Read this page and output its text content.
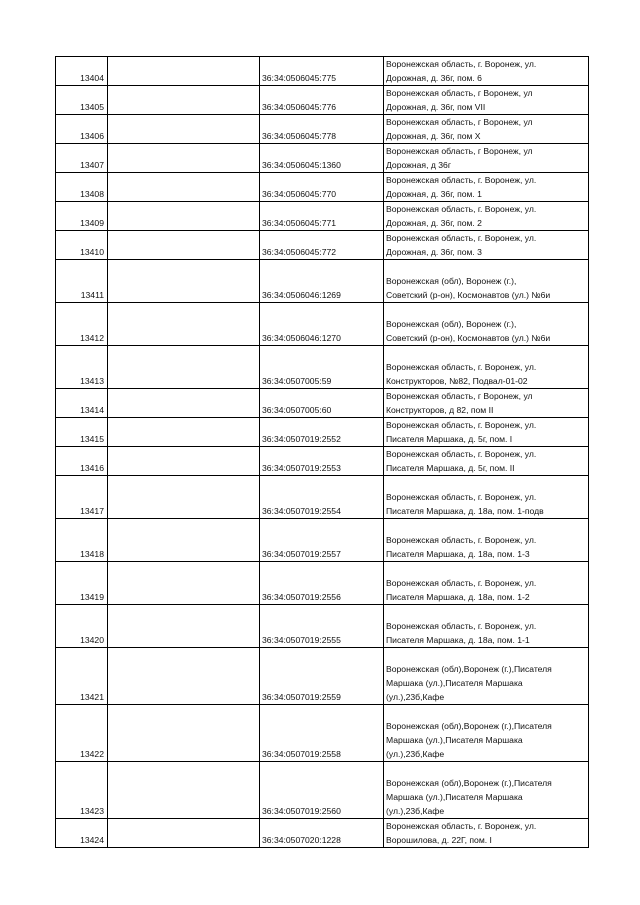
13404		36:34:0506045:775	Воронежская область, г. Воронеж, ул.
Дорожная, д. 36г, пом. 6

13405		36:34:0506045:776	Воронежская область, г Воронеж, ул
Дорожная, д. 36г, пом VII

13406		36:34:0506045:778	Воронежская область, г Воронеж, ул
Дорожная, д. 36г, пом X

13407		36:34:0506045:1360	Воронежская область, г Воронеж, ул
Дорожная, д 36г

13408		36:34:0506045:770	Воронежская область, г. Воронеж, ул.
Дорожная, д. 36г, пом. 1

13409		36:34:0506045:771	Воронежская область, г. Воронеж, ул.
Дорожная, д. 36г, пом. 2

13410		36:34:0506045:772	Воронежская область, г. Воронеж, ул.
Дорожная, д. 36г, пом. 3

13411		36:34:0506046:1269	Воронежская (обл), Воронеж (г.),
Советский (р-он), Космонавтов (ул.) №6и

13412		36:34:0506046:1270	Воронежская (обл), Воронеж (г.),
Советский (р-он), Космонавтов (ул.) №6и

13413		36:34:0507005:59	Воронежская область, г. Воронеж, ул.
Конструкторов, №82, Подвал-01-02

13414		36:34:0507005:60	Воронежская область, г Воронеж, ул
Конструкторов, д 82, пом II

13415		36:34:0507019:2552	Воронежская область, г. Воронеж, ул.
Писателя Маршака, д. 5г, пом. I

13416		36:34:0507019:2553	Воронежская область, г. Воронеж, ул.
Писателя Маршака, д. 5г, пом. II

13417		36:34:0507019:2554	Воронежская область, г. Воронеж, ул.
Писателя Маршака, д. 18а, пом. 1-подв

13418		36:34:0507019:2557	Воронежская область, г. Воронеж, ул.
Писателя Маршака, д. 18а, пом. 1-3

13419		36:34:0507019:2556	Воронежская область, г. Воронеж, ул.
Писателя Маршака, д. 18а, пом. 1-2

13420		36:34:0507019:2555	Воронежская область, г. Воронеж, ул.
Писателя Маршака, д. 18а, пом. 1-1

13421		36:34:0507019:2559	Воронежская (обл),Воронеж (г.),Писателя
Маршака (ул.),Писателя Маршака
(ул.),23б,Кафе

13422		36:34:0507019:2558	Воронежская (обл),Воронеж (г.),Писателя
Маршака (ул.),Писателя Маршака
(ул.),23б,Кафе

13423		36:34:0507019:2560	Воронежская (обл),Воронеж (г.),Писателя
Маршака (ул.),Писателя Маршака
(ул.),23б,Кафе

13424		36:34:0507020:1228	Воронежская область, г. Воронеж, ул.
Ворошилова, д. 22Г, пом. I
